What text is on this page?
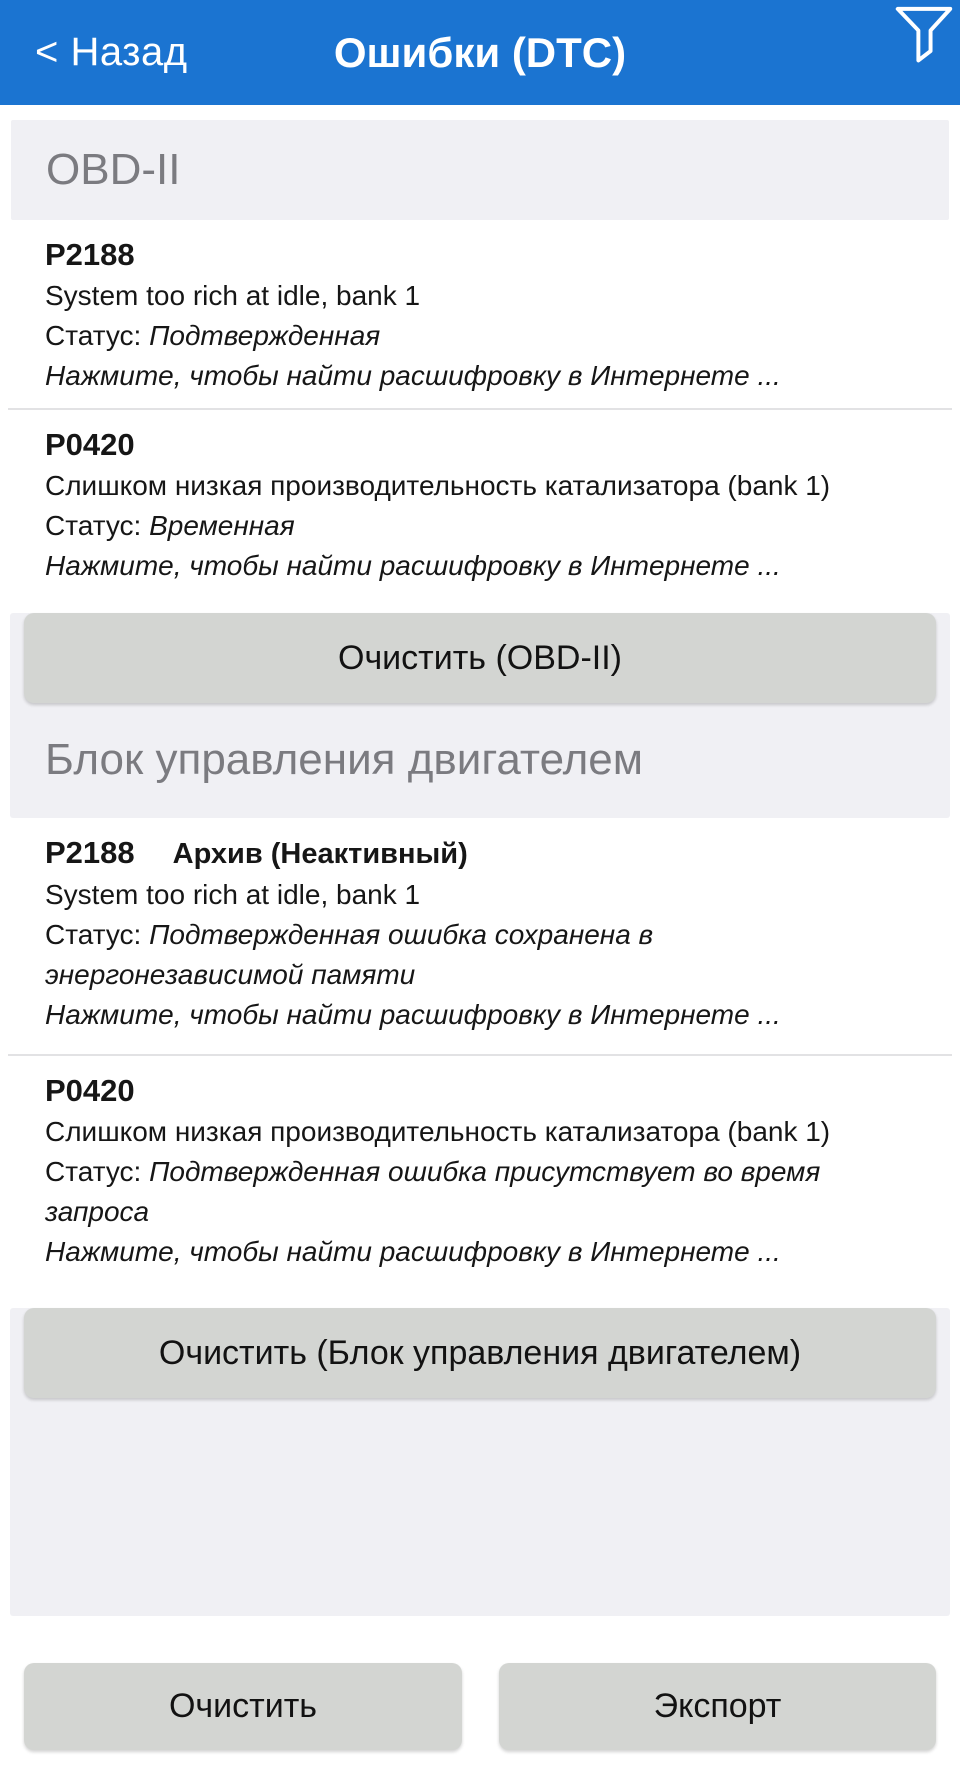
< Назад	Ошибки (DTC)
OBD-II
P2188
System too rich at idle, bank 1
Статус: Подтвержденная
Нажмите, чтобы найти расшифровку в Интернете ...
P0420
Слишком низкая производительность катализатора (bank 1)
Статус: Временная
Нажмите, чтобы найти расшифровку в Интернете ...
Очистить (OBD-II)
Блок управления двигателем
P2188 Архив (Неактивный)
System too rich at idle, bank 1
Статус: Подтвержденная ошибка сохранена в энергонезависимой памяти
Нажмите, чтобы найти расшифровку в Интернете ...
P0420
Слишком низкая производительность катализатора (bank 1)
Статус: Подтвержденная ошибка присутствует во время запроса
Нажмите, чтобы найти расшифровку в Интернете ...
Очистить (Блок управления двигателем)
Очистить	Экспорт
